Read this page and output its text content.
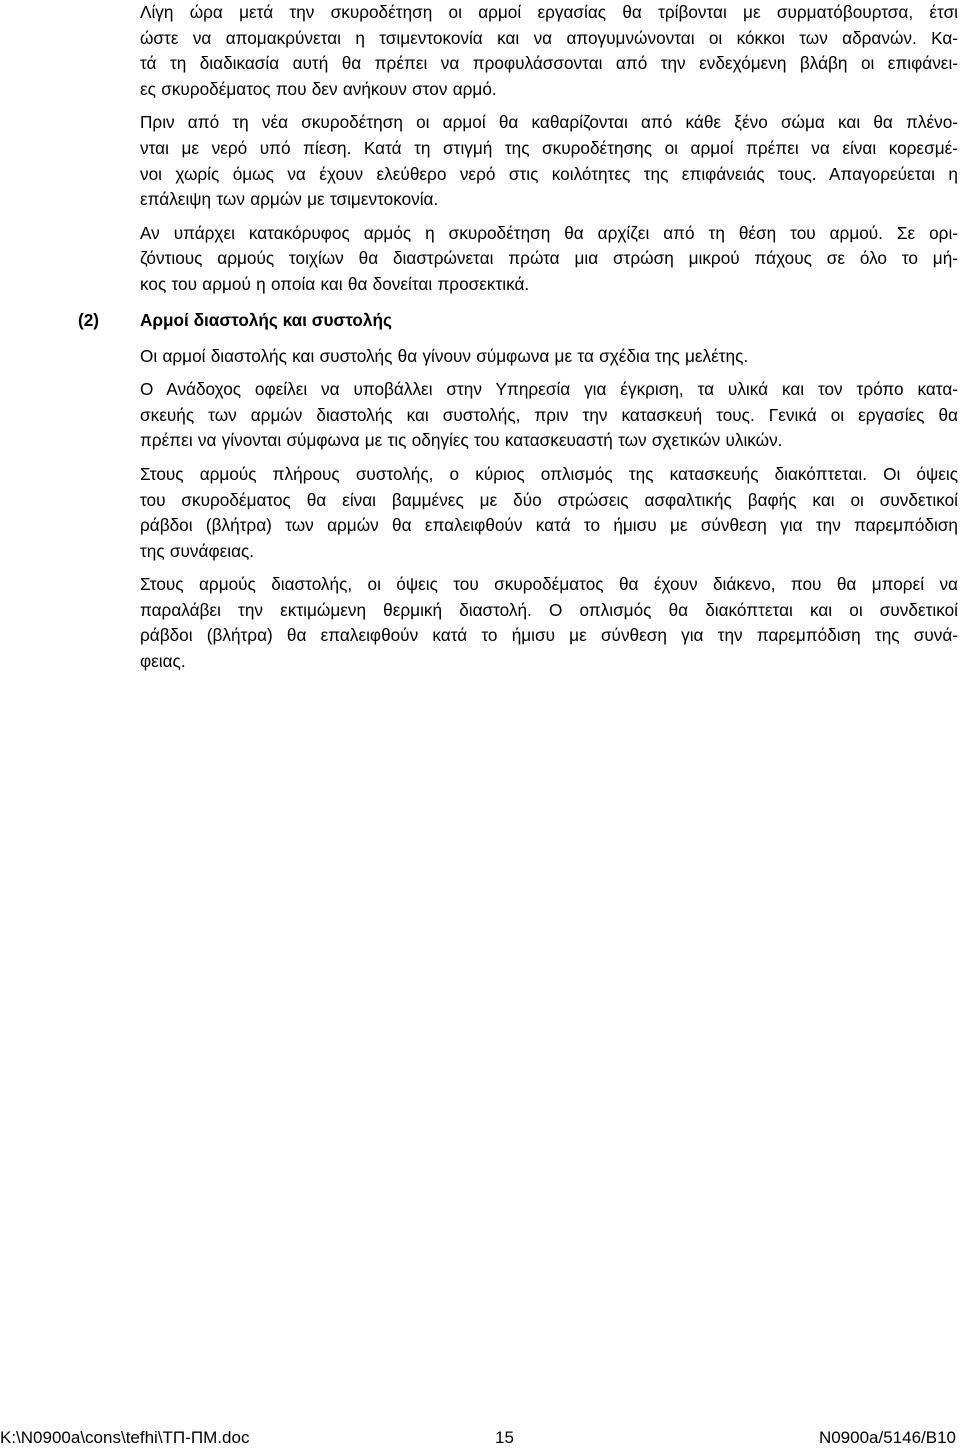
Λίγη ώρα μετά την σκυροδέτηση οι αρμοί εργασίας θα τρίβονται με συρματόβουρτσα, έτσι
ώστε να απομακρύνεται η τσιμεντοκονία και να απογυμνώνονται οι κόκκοι των αδρανών. Κα-
τά τη διαδικασία αυτή θα πρέπει να προφυλάσσονται από την ενδεχόμενη βλάβη οι επιφάνει-
ες σκυροδέματος που δεν ανήκουν στον αρμό.

Πριν από τη νέα σκυροδέτηση οι αρμοί θα καθαρίζονται από κάθε ξένο σώμα και θα πλένο-
νται με νερό υπό πίεση. Κατά τη στιγμή της σκυροδέτησης οι αρμοί πρέπει να είναι κορεσμέ-
νοι χωρίς όμως να έχουν ελεύθερο νερό στις κοιλότητες της επιφάνειάς τους. Απαγορεύεται η
επάλειψη των αρμών με τσιμεντοκονία.

Αν υπάρχει κατακόρυφος αρμός η σκυροδέτηση θα αρχίζει από τη θέση του αρμού. Σε ορι-
ζόντιους αρμούς τοιχίων θα διαστρώνεται πρώτα μια στρώση μικρού πάχους σε όλο το μή-
κος του αρμού η οποία και θα δονείται προσεκτικά.

(2)	Αρμοί διαστολής και συστολής

Οι αρμοί διαστολής και συστολής θα γίνουν σύμφωνα με τα σχέδια της μελέτης.

Ο Ανάδοχος οφείλει να υποβάλλει στην Υπηρεσία για έγκριση, τα υλικά και τον τρόπο κατα-
σκευής των αρμών διαστολής και συστολής, πριν την κατασκευή τους. Γενικά οι εργασίες θα
πρέπει να γίνονται σύμφωνα με τις οδηγίες του κατασκευαστή των σχετικών υλικών.

Στους αρμούς πλήρους συστολής, ο κύριος οπλισμός της κατασκευής διακόπτεται. Οι όψεις
του σκυροδέματος θα είναι βαμμένες με δύο στρώσεις ασφαλτικής βαφής και οι συνδετικοί
ράβδοι (βλήτρα) των αρμών θα επαλειφθούν κατά το ήμισυ με σύνθεση για την παρεμπόδιση
της συνάφειας.

Στους αρμούς διαστολής, οι όψεις του σκυροδέματος θα έχουν διάκενο, που θα μπορεί να
παραλάβει την εκτιμώμενη θερμική διαστολή. Ο οπλισμός θα διακόπτεται και οι συνδετικοί
ράβδοι (βλήτρα) θα επαλειφθούν κατά το ήμισυ με σύνθεση για την παρεμπόδιση της συνά-
φειας.

K:\N0900a\cons\tefhi\ΤΠ-ΠΜ.doc	15	N0900a/5146/B10
